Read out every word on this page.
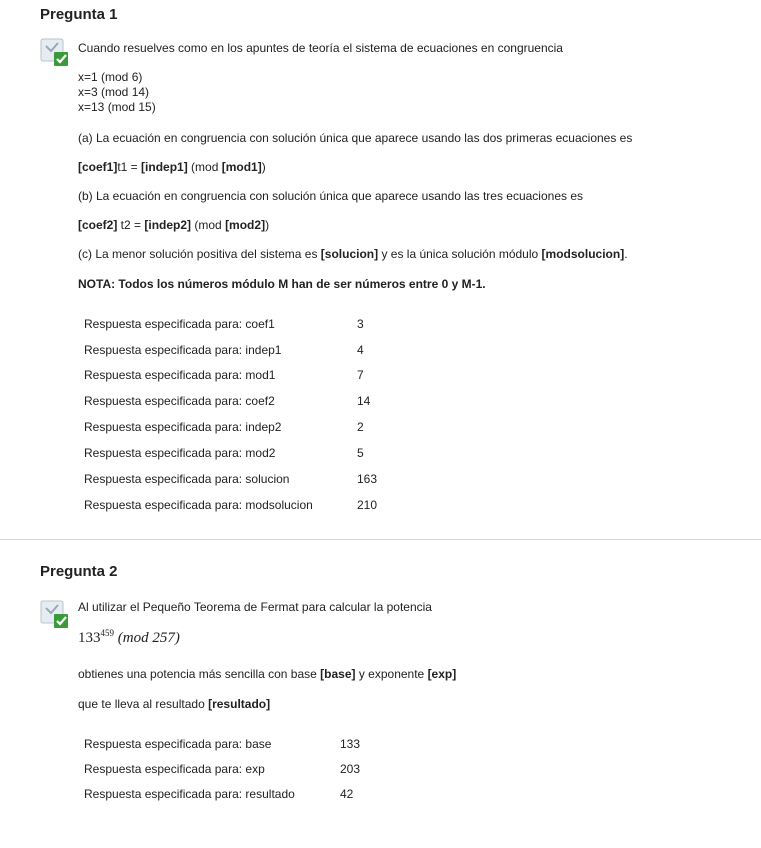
Pregunta 1
Cuando resuelves como en los apuntes de teoría el sistema de ecuaciones en congruencia
x=1 (mod 6)
x=3 (mod 14)
x=13 (mod 15)
(a) La ecuación en congruencia con solución única que aparece usando las dos primeras ecuaciones es
[coef1]t1 = [indep1] (mod [mod1])
(b) La ecuación en congruencia con solución única que aparece usando las tres ecuaciones es
[coef2] t2 = [indep2] (mod [mod2])
(c) La menor solución positiva del sistema es [solucion] y es la única solución módulo [modsolucion].
NOTA: Todos los números módulo M han de ser números entre 0 y M-1.
Respuesta especificada para: coef1	3
Respuesta especificada para: indep1	4
Respuesta especificada para: mod1	7
Respuesta especificada para: coef2	14
Respuesta especificada para: indep2	2
Respuesta especificada para: mod2	5
Respuesta especificada para: solucion	163
Respuesta especificada para: modsolucion	210
Pregunta 2
Al utilizar el Pequeño Teorema de Fermat para calcular la potencia
$133^{459}$ (mod 257)
obtienes una potencia más sencilla con base [base] y exponente [exp]
que te lleva al resultado [resultado]
Respuesta especificada para: base	133
Respuesta especificada para: exp	203
Respuesta especificada para: resultado	42
